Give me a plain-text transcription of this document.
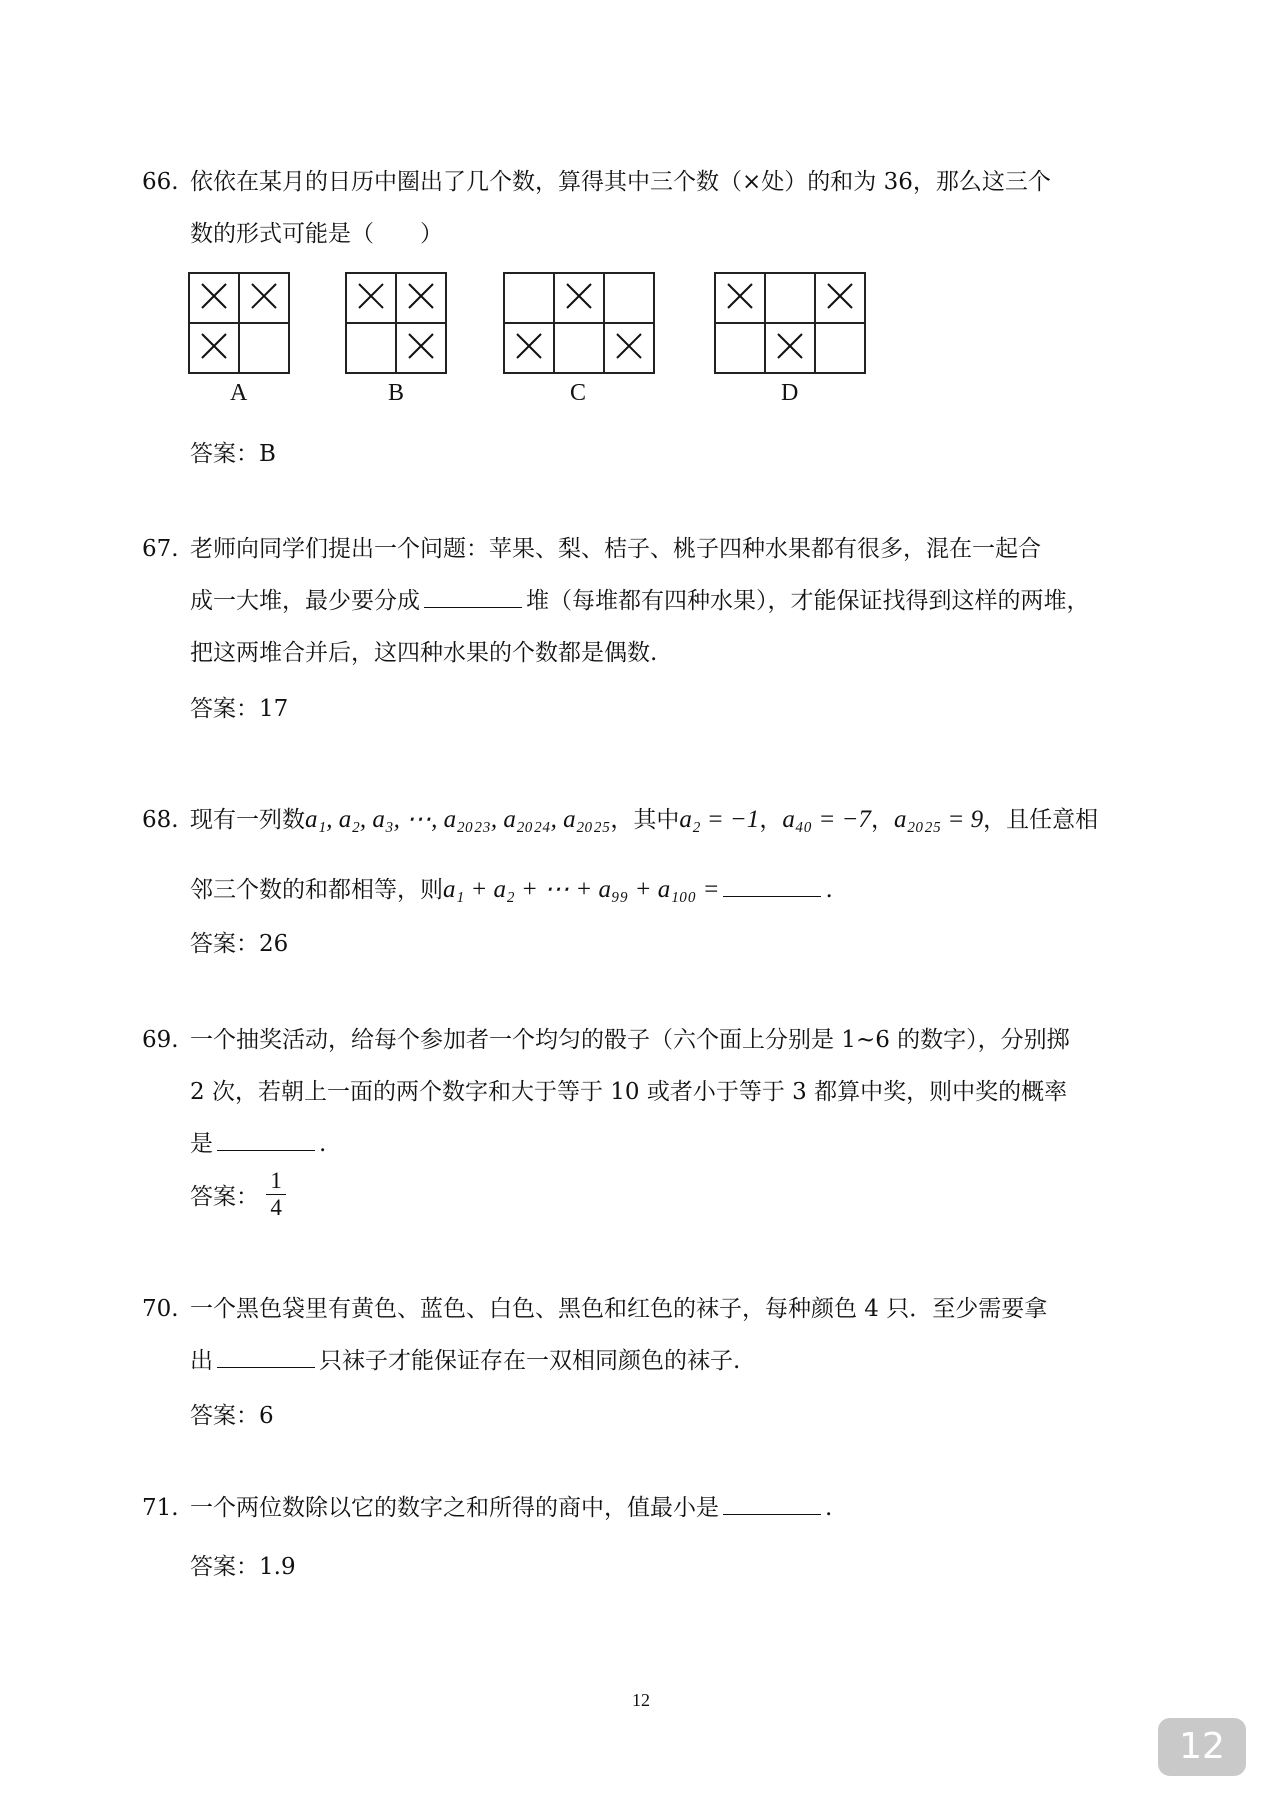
66. 依依在某月的日历中圈出了几个数，算得其中三个数（×处）的和为 36，那么这三个
数的形式可能是（　　）

A

		B

			C

			D
答案：B
67. 老师向同学们提出一个问题：苹果、梨、桔子、桃子四种水果都有很多，混在一起合
成一大堆，最少要分成	堆（每堆都有四种水果），才能保证找得到这样的两堆，
把这两堆合并后，这四种水果的个数都是偶数.
答案：17
68. 现有一列数a₁, a₂, a₃, ⋯, a₂₀₂₃, a₂₀₂₄, a₂₀₂₅，其中a₂ = −1，a₄₀ = −7，a₂₀₂₅ = 9，且任意相
邻三个数的和都相等，则a₁ + a₂ + ⋯ + a₉₉ + a₁₀₀ =	.
答案：26
69. 一个抽奖活动，给每个参加者一个均匀的骰子（六个面上分别是 1~6 的数字），分别掷
2 次，若朝上一面的两个数字和大于等于 10 或者小于等于 3 都算中奖，则中奖的概率
是	.
答案： $\frac{1}{4}$
70. 一个黑色袋里有黄色、蓝色、白色、黑色和红色的袜子，每种颜色 4 只．至少需要拿
出	只袜子才能保证存在一双相同颜色的袜子.
答案：6
71. 一个两位数除以它的数字之和所得的商中，值最小是	.
答案：1.9
12
12
